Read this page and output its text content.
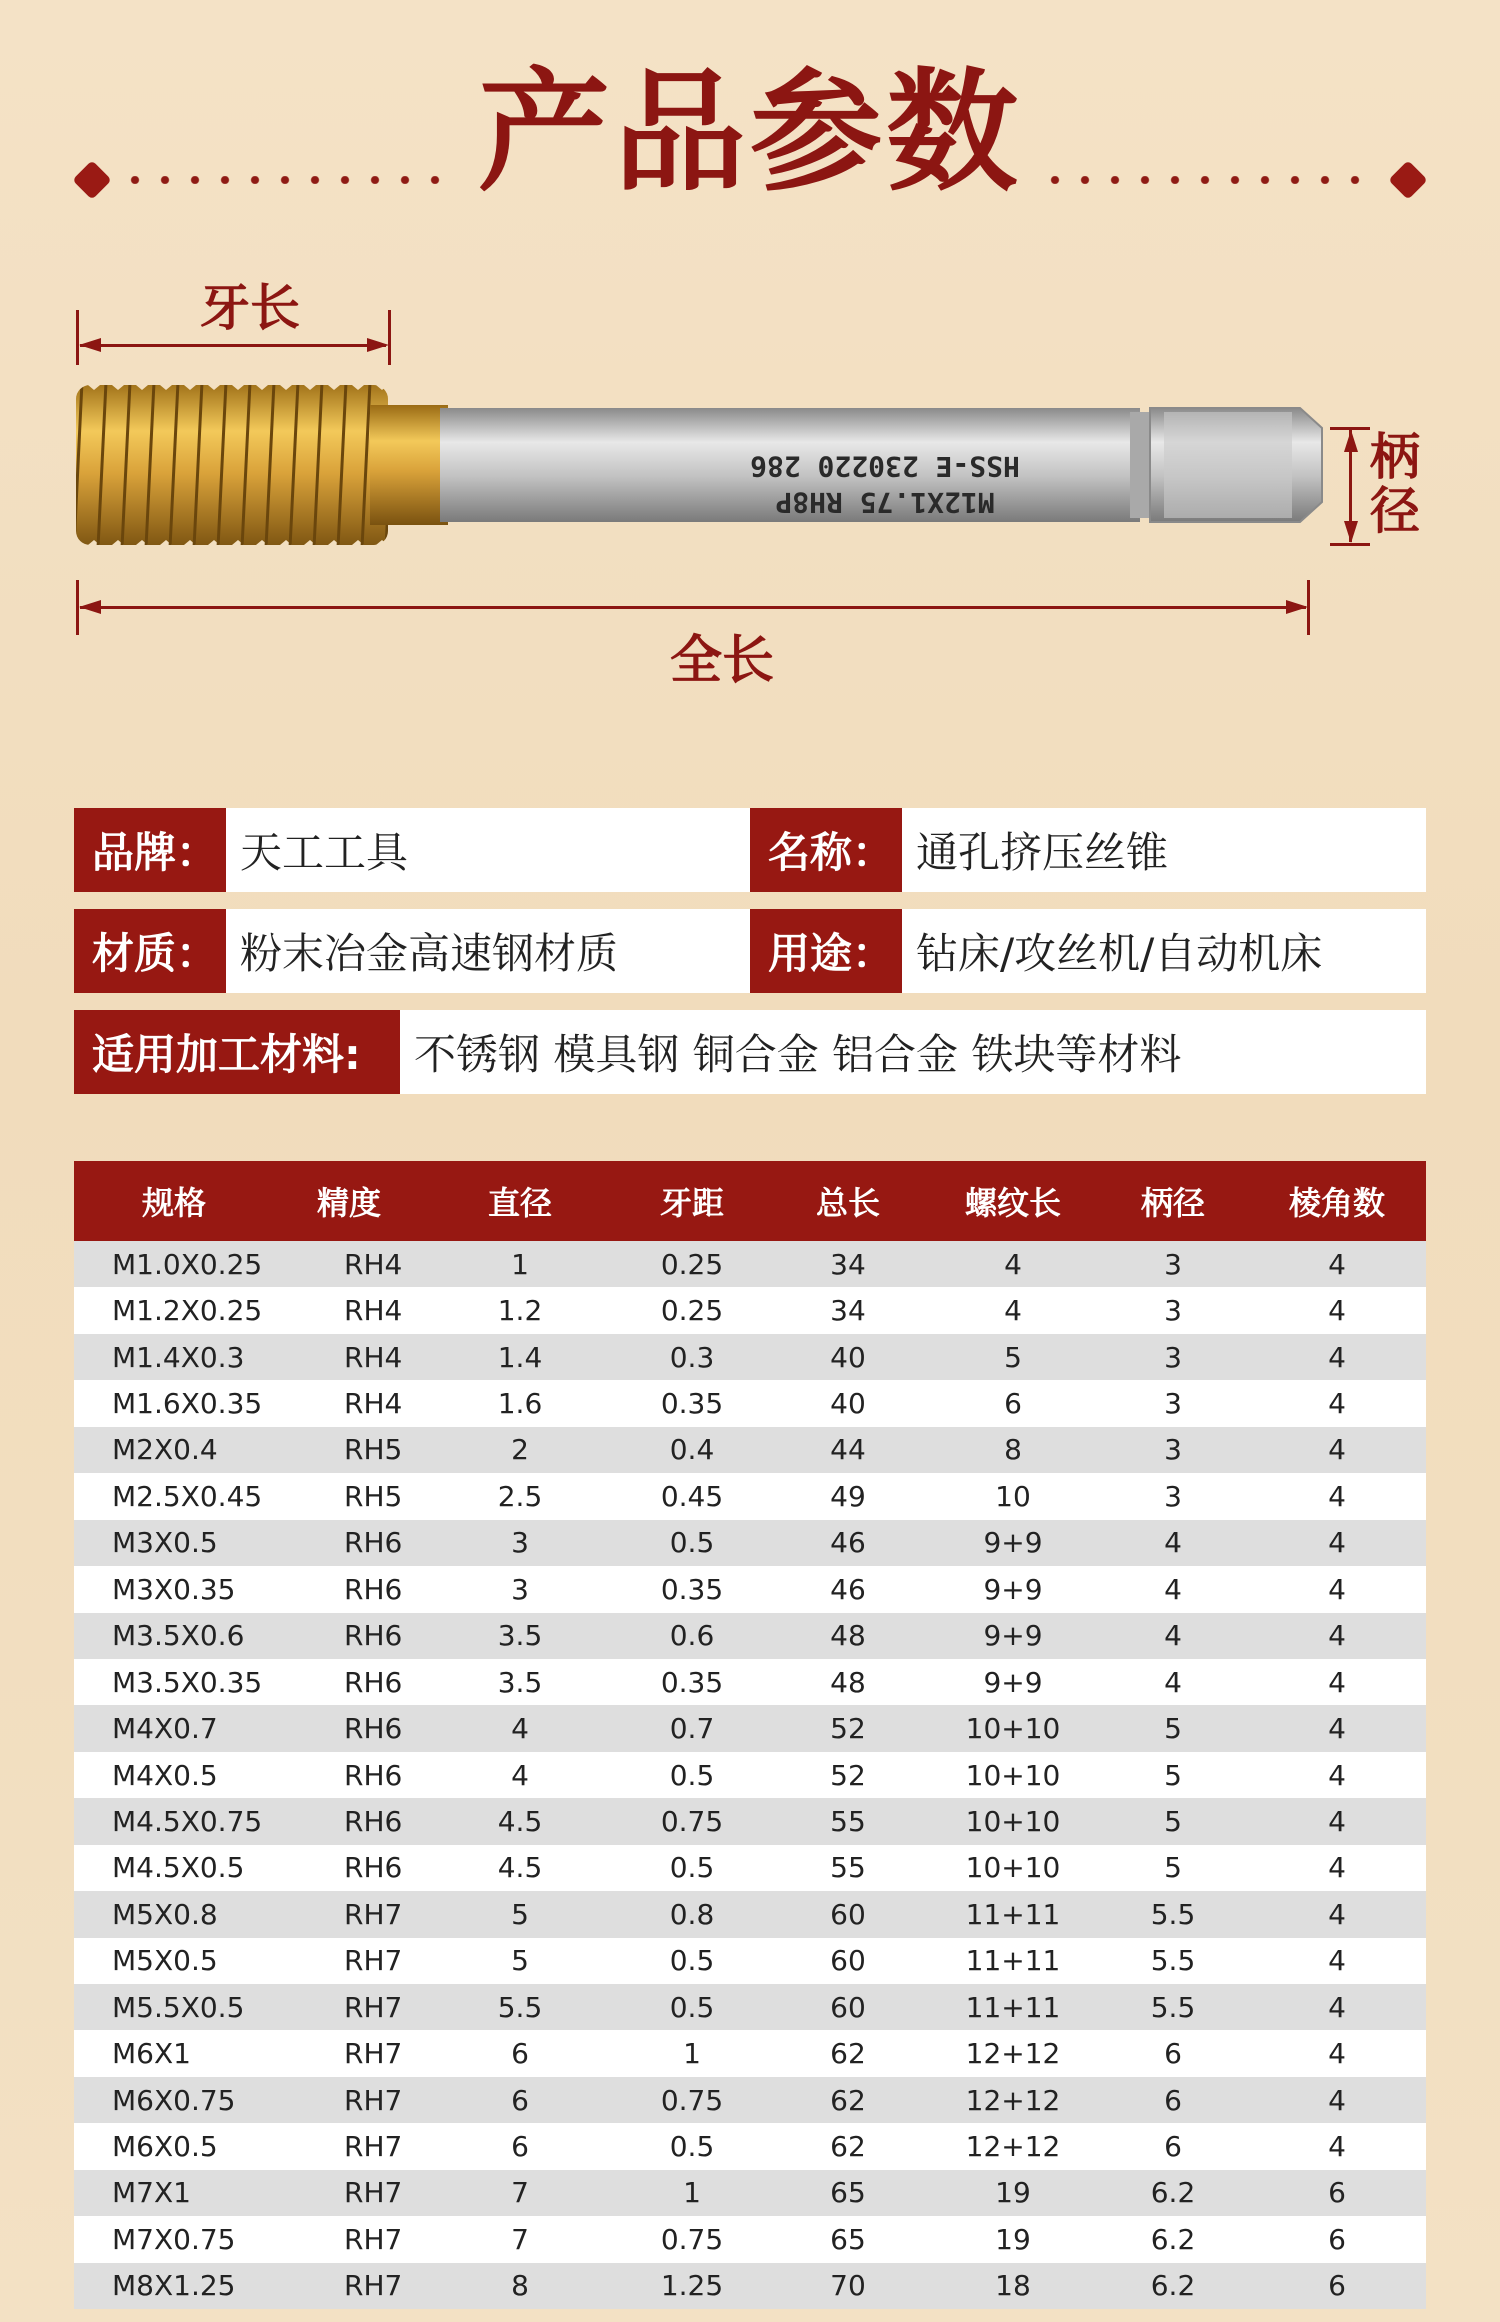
产品参数
牙长
M12X1.75 RH8P
HSS-E 230220 286	柄径
全长
品牌： 天工工具	名称： 通孔挤压丝锥
材质： 粉末冶金高速钢材质	用途： 钻床/攻丝机/自动机床
适用加工材料:	不锈钢 模具钢 铜合金 铝合金 铁块等材料
规格	精度	直径	牙距	总长	螺纹长	柄径	棱角数
M1.0X0.25	RH4	1	0.25	34	4	3	4
M1.2X0.25	RH4	1.2	0.25	34	4	3	4
M1.4X0.3	RH4	1.4	0.3	40	5	3	4
M1.6X0.35	RH4	1.6	0.35	40	6	3	4
M2X0.4	RH5	2	0.4	44	8	3	4
M2.5X0.45	RH5	2.5	0.45	49	10	3	4
M3X0.5	RH6	3	0.5	46	9+9	4	4
M3X0.35	RH6	3	0.35	46	9+9	4	4
M3.5X0.6	RH6	3.5	0.6	48	9+9	4	4
M3.5X0.35	RH6	3.5	0.35	48	9+9	4	4
M4X0.7	RH6	4	0.7	52	10+10	5	4
M4X0.5	RH6	4	0.5	52	10+10	5	4
M4.5X0.75	RH6	4.5	0.75	55	10+10	5	4
M4.5X0.5	RH6	4.5	0.5	55	10+10	5	4
M5X0.8	RH7	5	0.8	60	11+11	5.5	4
M5X0.5	RH7	5	0.5	60	11+11	5.5	4
M5.5X0.5	RH7	5.5	0.5	60	11+11	5.5	4
M6X1	RH7	6	1	62	12+12	6	4
M6X0.75	RH7	6	0.75	62	12+12	6	4
M6X0.5	RH7	6	0.5	62	12+12	6	4
M7X1	RH7	7	1	65	19	6.2	6
M7X0.75	RH7	7	0.75	65	19	6.2	6
M8X1.25	RH7	8	1.25	70	18	6.2	6
